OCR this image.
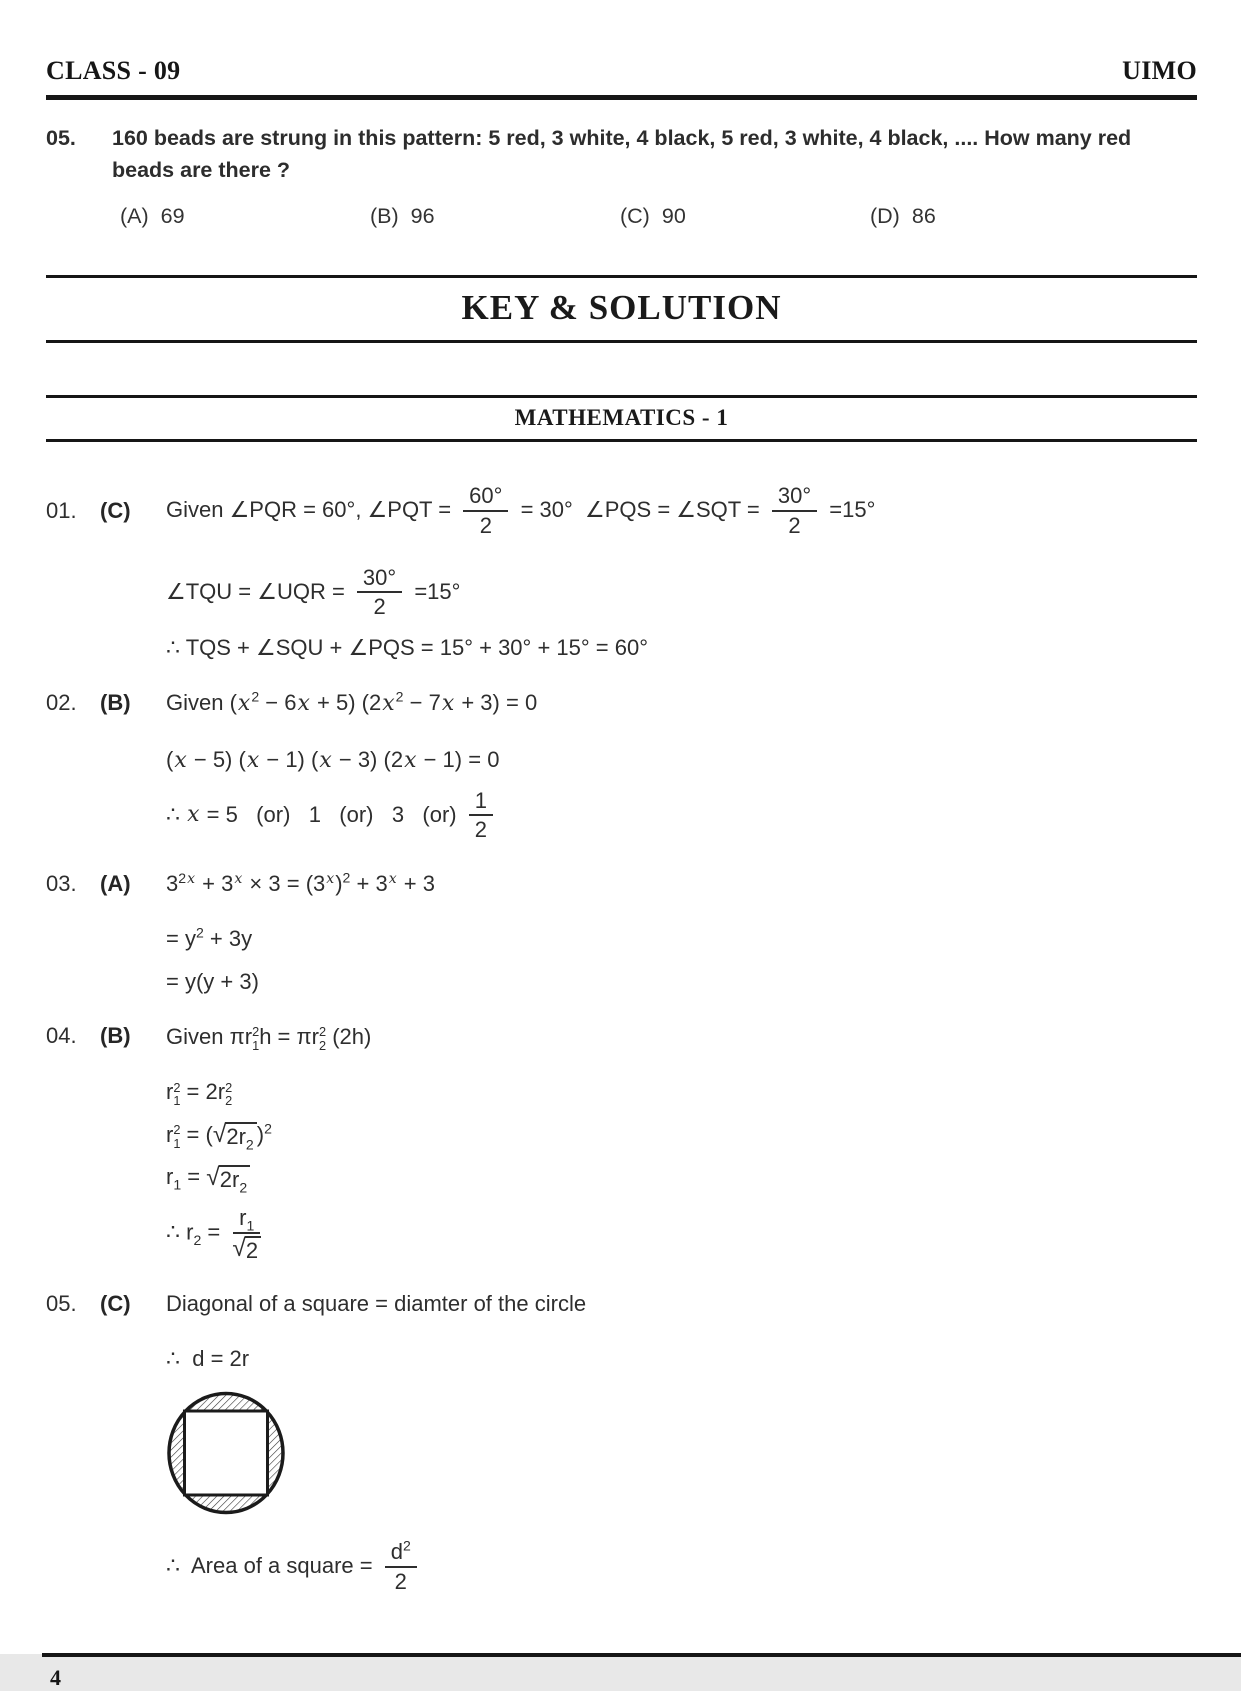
CLASS - 09	UIMO
05.	160 beads are strung in this pattern: 5 red, 3 white, 4 black, 5 red, 3 white, 4 black, .... How many red beads are there ?
(A) 69	(B) 96	(C) 90	(D) 86
KEY & SOLUTION
MATHEMATICS - 1
01.	(C)	Given ∠PQR = 60°, ∠PQT = $\frac{60^\circ}{2} = 30^\circ$  ∠PQS = ∠SQT = $\frac{30^\circ}{2} =15^\circ$
∠TQU = ∠UQR = $\frac{30^\circ}{2} =15^\circ$
∴ TQS + ∠SQU + ∠PQS = 15° + 30° + 15° = 60°
02.	(B)	Given $(x^2 - 6x + 5) (2x^2 - 7x + 3) = 0$
(x − 5) (x − 1) (x − 3) (2x − 1) = 0
∴ x = 5   (or)   1   (or)   3   $(or) \frac{1}{2}$
03.	(A)	$3^{2x} + 3^x \times 3 = (3^x)^2 + 3^x + 3$
= $y^2 + 3y$
= y(y + 3)
04.	(B)	Given πr 2
1 h = πr 2
2 (2h)
r 2
1 = 2r 2
2
r 2
1 = ( √ $2r_2$ )$^2$
$r_1$ = √ $2r_2$
∴ $r_2 = \frac{r_1}{√ 2}$
05.	(C)	Diagonal of a square = diamter of the circle
∴  d = 2r
∴  Area of a square = $\frac{d^2}{2}$
4
